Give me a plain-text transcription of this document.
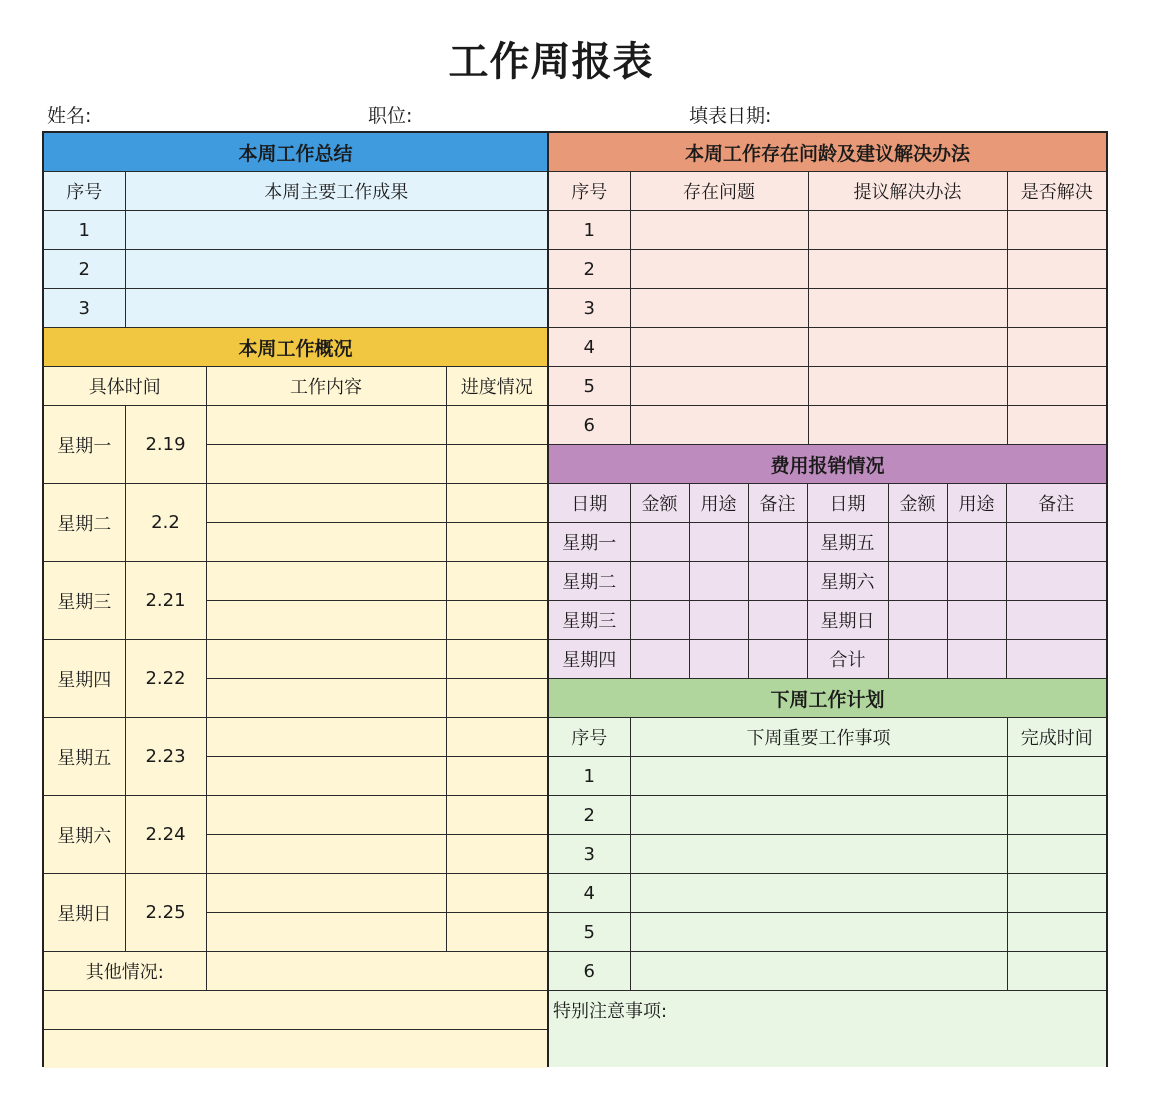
工作周报表
姓名:	职位:	填表日期:
本周工作总结	
序号	本周主要工作成果
1	
2	
3	
本周工作概况			
具体时间		工作内容	进度情况
星期一	2.19		

星期二	2.2		

星期三	2.21		

星期四	2.22		

星期五	2.23		

星期六	2.24		

星期日	2.25		

其他情况:			

本周工作存在问龄及建议解决办法			
序号	存在问题	提议解决办法	是否解决
1			
2			
3			
4			
5			
6			
费用报销情况							
日期	金额	用途	备注	日期	金额	用途	备注
星期一				星期五			
星期二				星期六			
星期三				星期日			
星期四				合计			
下周工作计划		
序号	下周重要工作事项	完成时间
1		
2		
3		
4		
5		
6		
特别注意事项:		
